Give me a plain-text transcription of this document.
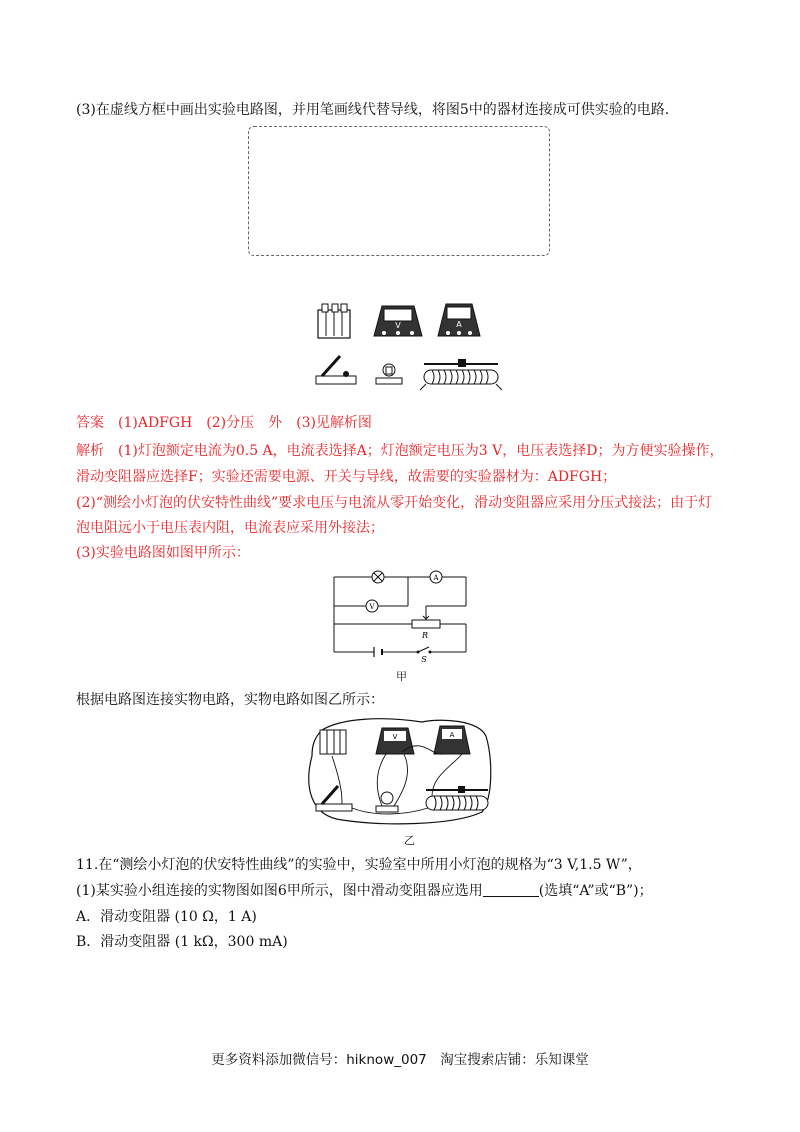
(3)在虚线方框中画出实验电路图，并用笔画线代替导线，将图5中的器材连接成可供实验的电路.
V	A
答案　 (1)ADFGH　(2)分压　外　(3)见解析图
解析　 (1)灯泡额定电流为0.5 A，电流表选择A；灯泡额定电压为3 V，电压表选择D；为方便实验操作，
滑动变阻器应选择F；实验还需要电源、开关与导线，故需要的实验器材为：ADFGH；
(2)“测绘小灯泡的伏安特性曲线”要求电压与电流从零开始变化，滑动变阻器应采用分压式接法；由于灯
泡电阻远小于电压表内阻，电流表应采用外接法；
(3)实验电路图如图甲所示：
A
V
R
S
甲
根据电路图连接实物电路，实物电路如图乙所示：
V	A
乙
11.在“测绘小灯泡的伏安特性曲线”的实验中，实验室中所用小灯泡的规格为“3 V,1.5 W”，
(1)某实验小组连接的实物图如图6甲所示，图中滑动变阻器应选用	(选填“A”或“B”)；
A．滑动变阻器 (10 Ω，1 A)
B．滑动变阻器 (1 kΩ，300 mA)
更多资料添加微信号：hiknow_007　淘宝搜索店铺：乐知课堂
